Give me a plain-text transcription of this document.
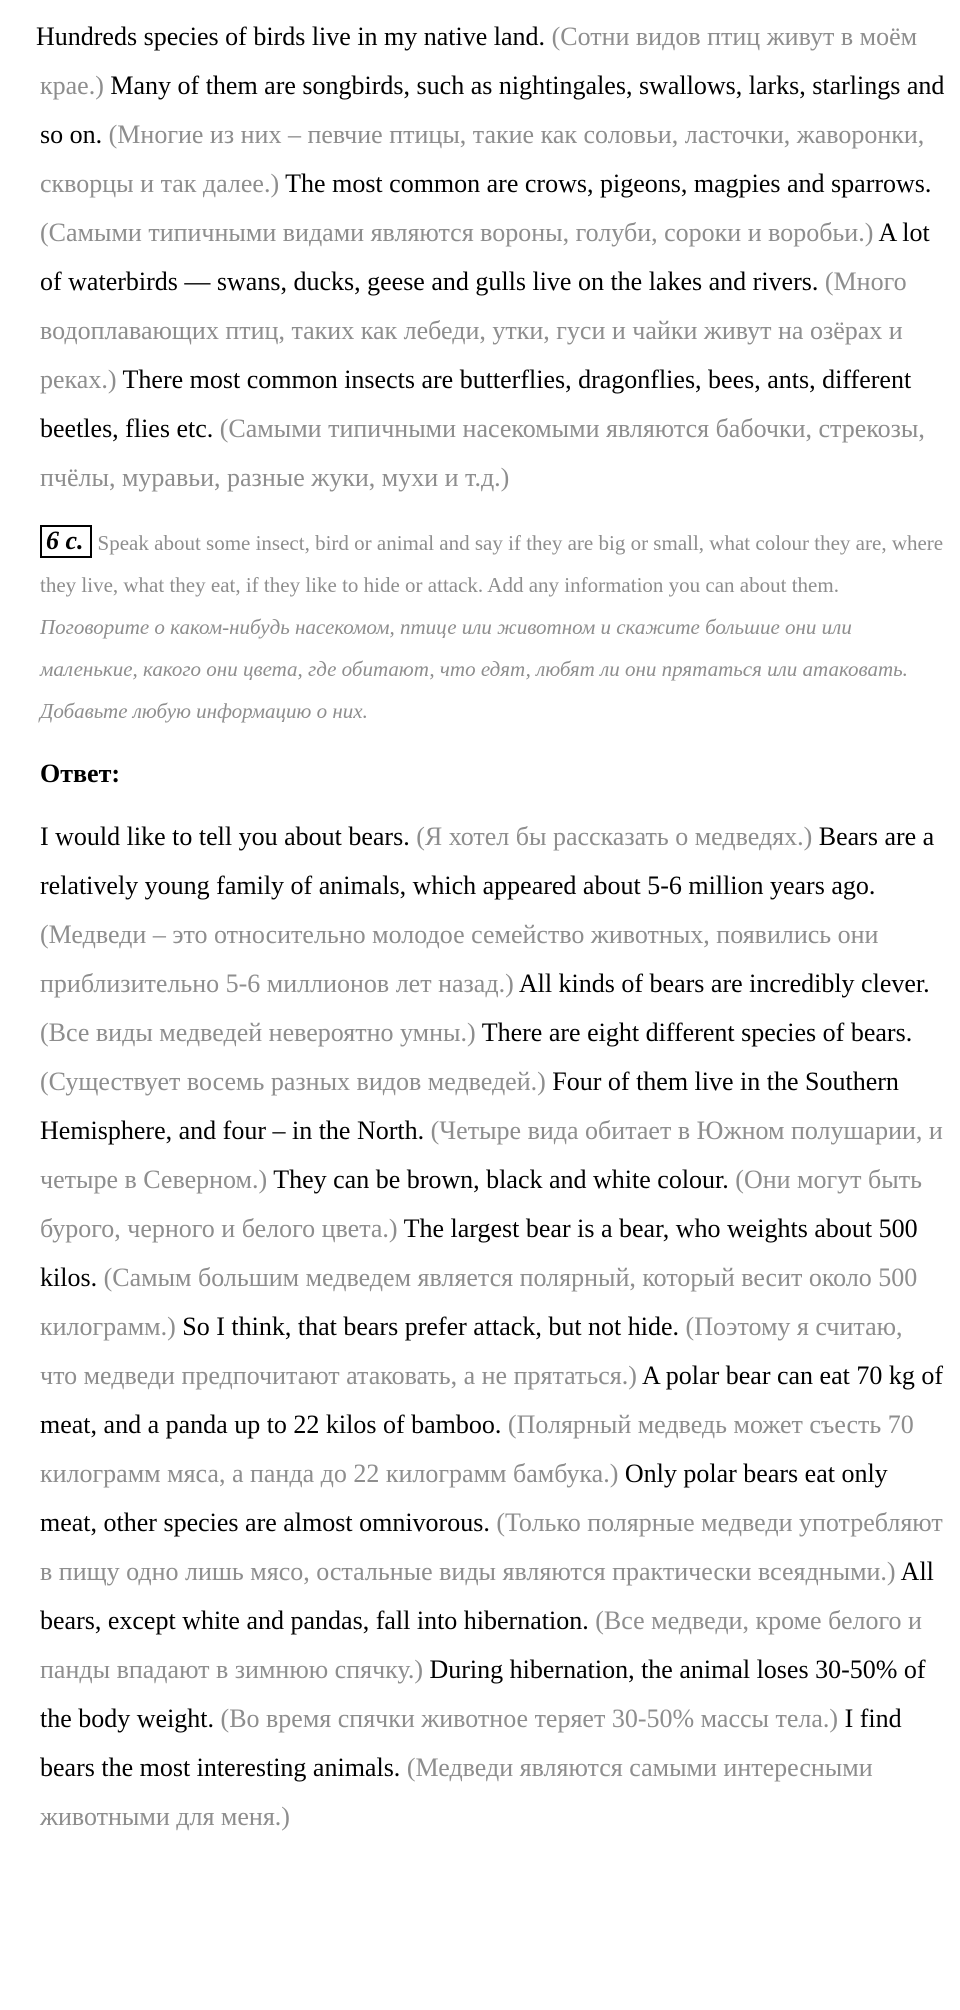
Hundreds species of birds live in my native land. (Сотни видов птиц живут в моём крае.) Many of them are songbirds, such as nightingales, swallows, larks, starlings and so on. (Многие из них – певчие птицы, такие как соловьи, ласточки, жаворонки, скворцы и так далее.) The most common are crows, pigeons, magpies and sparrows. (Самыми типичными видами являются вороны, голуби, сороки и воробьи.) A lot of waterbirds — swans, ducks, geese and gulls live on the lakes and rivers. (Много водоплавающих птиц, таких как лебеди, утки, гуси и чайки живут на озёрах и реках.) There most common insects are butterflies, dragonflies, bees, ants, different beetles, flies etc. (Самыми типичными насекомыми являются бабочки, стрекозы, пчёлы, муравьи, разные жуки, мухи и т.д.)

6 c. Speak about some insect, bird or animal and say if they are big or small, what colour they are, where they live, what they eat, if they like to hide or attack. Add any information you can about them.

Поговорите о каком-нибудь насекомом, птице или животном и скажите большие они или маленькие, какого они цвета, где обитают, что едят, любят ли они прятаться или атаковать. Добавьте любую информацию о них.

Ответ:

I would like to tell you about bears. (Я хотел бы рассказать о медведях.) Bears are a relatively young family of animals, which appeared about 5-6 million years ago. (Медведи – это относительно молодое семейство животных, появились они приблизительно 5-6 миллионов лет назад.) All kinds of bears are incredibly clever. (Все виды медведей невероятно умны.) There are eight different species of bears. (Существует восемь разных видов медведей.) Four of them live in the Southern Hemisphere, and four – in the North. (Четыре вида обитает в Южном полушарии, и четыре в Северном.) They can be brown, black and white colour. (Они могут быть бурого, черного и белого цвета.) The largest bear is a bear, who weights about 500 kilos. (Самым большим медведем является полярный, который весит около 500 килограмм.) So I think, that bears prefer attack, but not hide. (Поэтому я считаю, что медведи предпочитают атаковать, а не прятаться.) A polar bear can eat 70 kg of meat, and a panda up to 22 kilos of bamboo. (Полярный медведь может съесть 70 килограмм мяса, а панда до 22 килограмм бамбука.) Only polar bears eat only meat, other species are almost omnivorous. (Только полярные медведи употребляют в пищу одно лишь мясо, остальные виды являются практически всеядными.) All bears, except white and pandas, fall into hibernation. (Все медведи, кроме белого и панды впадают в зимнюю спячку.) During hibernation, the animal loses 30-50% of the body weight. (Во время спячки животное теряет 30-50% массы тела.) I find bears the most interesting animals. (Медведи являются самыми интересными животными для меня.)
